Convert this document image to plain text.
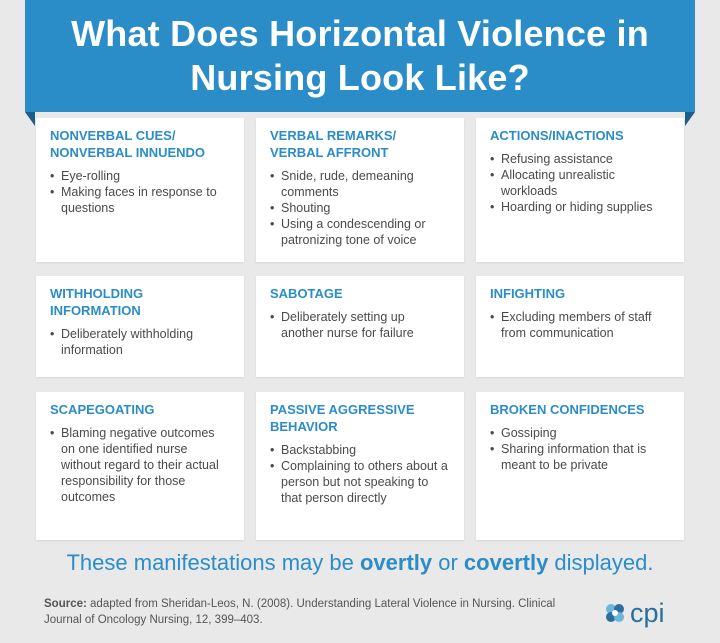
What Does Horizontal Violence in
Nursing Look Like?
NONVERBAL CUES/
NONVERBAL INNUENDO
• Eye-rolling
• Making faces in response to questions
VERBAL REMARKS/
VERBAL AFFRONT
• Snide, rude, demeaning comments
• Shouting
• Using a condescending or patronizing tone of voice
ACTIONS/INACTIONS
• Refusing assistance
• Allocating unrealistic workloads
• Hoarding or hiding supplies
WITHHOLDING
INFORMATION
• Deliberately withholding information
SABOTAGE
• Deliberately setting up another nurse for failure
INFIGHTING
• Excluding members of staff from communication
SCAPEGOATING
• Blaming negative outcomes on one identified nurse without regard to their actual responsibility for those outcomes
PASSIVE AGGRESSIVE
BEHAVIOR
• Backstabbing
• Complaining to others about a person but not speaking to that person directly
BROKEN CONFIDENCES
• Gossiping
• Sharing information that is meant to be private
These manifestations may be overtly or covertly displayed.
Source: adapted from Sheridan-Leos, N. (2008). Understanding Lateral Violence in Nursing. Clinical Journal of Oncology Nursing, 12, 399–403.	cpi
